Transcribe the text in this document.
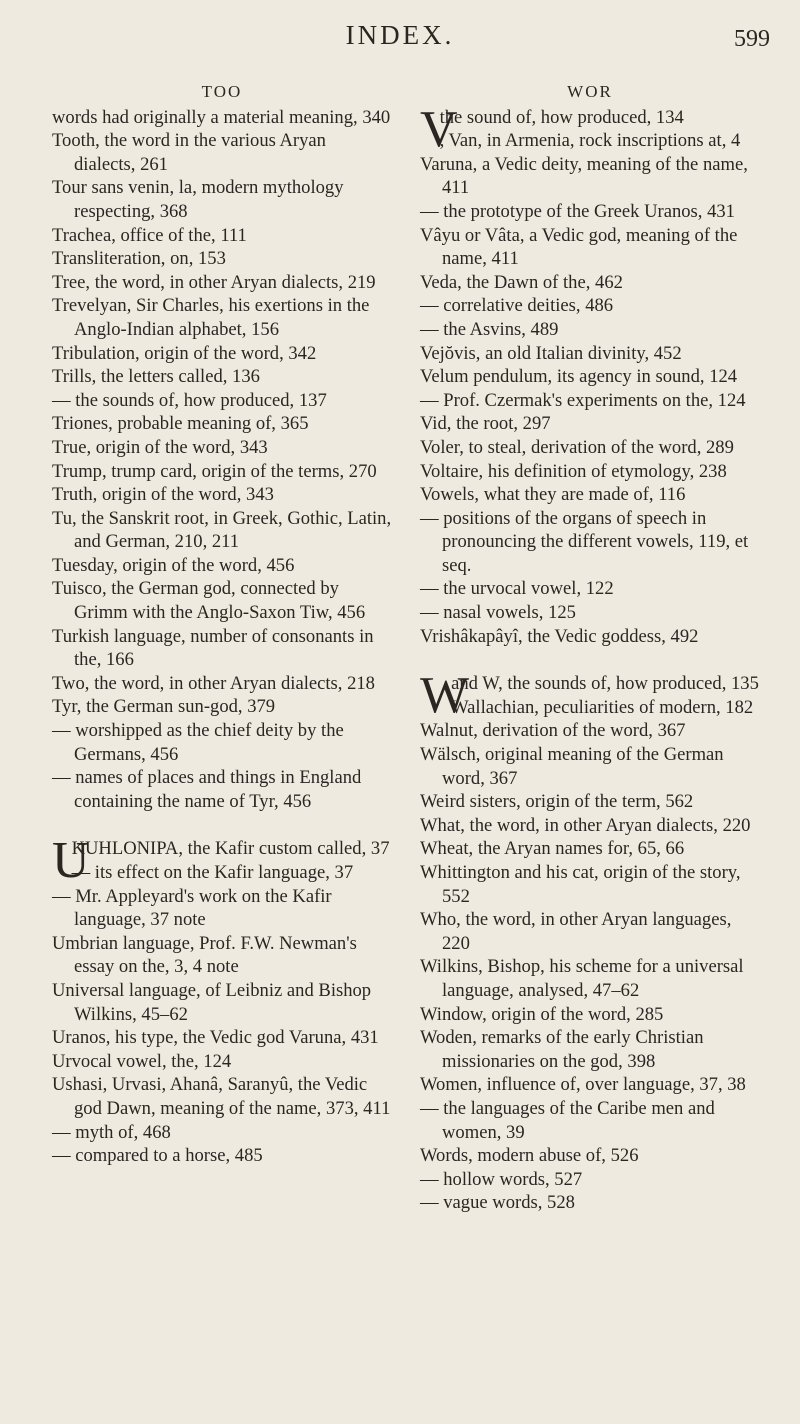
INDEX.	599
TOO
words had originally a material meaning, 340
Tooth, the word in the various Aryan dialects, 261
Tour sans venin, la, modern mythology respecting, 368
Trachea, office of the, 111
Transliteration, on, 153
Tree, the word, in other Aryan dialects, 219
Trevelyan, Sir Charles, his exertions in the Anglo-Indian alphabet, 156
Tribulation, origin of the word, 342
Trills, the letters called, 136
— the sounds of, how produced, 137
Triones, probable meaning of, 365
True, origin of the word, 343
Trump, trump card, origin of the terms, 270
Truth, origin of the word, 343
Tu, the Sanskrit root, in Greek, Gothic, Latin, and German, 210, 211
Tuesday, origin of the word, 456
Tuisco, the German god, connected by Grimm with the Anglo-Saxon Tiw, 456
Turkish language, number of consonants in the, 166
Two, the word, in other Aryan dialects, 218
Tyr, the German sun-god, 379
— worshipped as the chief deity by the Germans, 456
— names of places and things in England containing the name of Tyr, 456
U
KUHLONIPA, the Kafir custom called, 37
— its effect on the Kafir language, 37
— Mr. Appleyard's work on the Kafir language, 37 note
Umbrian language, Prof. F.W. Newman's essay on the, 3, 4 note
Universal language, of Leibniz and Bishop Wilkins, 45–62
Uranos, his type, the Vedic god Varuna, 431
Urvocal vowel, the, 124
Ushasi, Urvasi, Ahanâ, Saranyû, the Vedic god Dawn, meaning of the name, 373, 411
— myth of, 468
— compared to a horse, 485
WOR
V
the sound of, how produced, 134
, Van, in Armenia, rock inscriptions at, 4
Varuna, a Vedic deity, meaning of the name, 411
— the prototype of the Greek Uranos, 431
Vâyu or Vâta, a Vedic god, meaning of the name, 411
Veda, the Dawn of the, 462
— correlative deities, 486
— the Asvins, 489
Vejŏvis, an old Italian divinity, 452
Velum pendulum, its agency in sound, 124
— Prof. Czermak's experiments on the, 124
Vid, the root, 297
Voler, to steal, derivation of the word, 289
Voltaire, his definition of etymology, 238
Vowels, what they are made of, 116
— positions of the organs of speech in pronouncing the different vowels, 119, et seq.
— the urvocal vowel, 122
— nasal vowels, 125
Vrishâkapâyî, the Vedic goddess, 492
W
and W, the sounds of, how produced, 135
Wallachian, peculiarities of modern, 182
Walnut, derivation of the word, 367
Wälsch, original meaning of the German word, 367
Weird sisters, origin of the term, 562
What, the word, in other Aryan dialects, 220
Wheat, the Aryan names for, 65, 66
Whittington and his cat, origin of the story, 552
Who, the word, in other Aryan languages, 220
Wilkins, Bishop, his scheme for a universal language, analysed, 47–62
Window, origin of the word, 285
Woden, remarks of the early Christian missionaries on the god, 398
Women, influence of, over language, 37, 38
— the languages of the Caribe men and women, 39
Words, modern abuse of, 526
— hollow words, 527
— vague words, 528
